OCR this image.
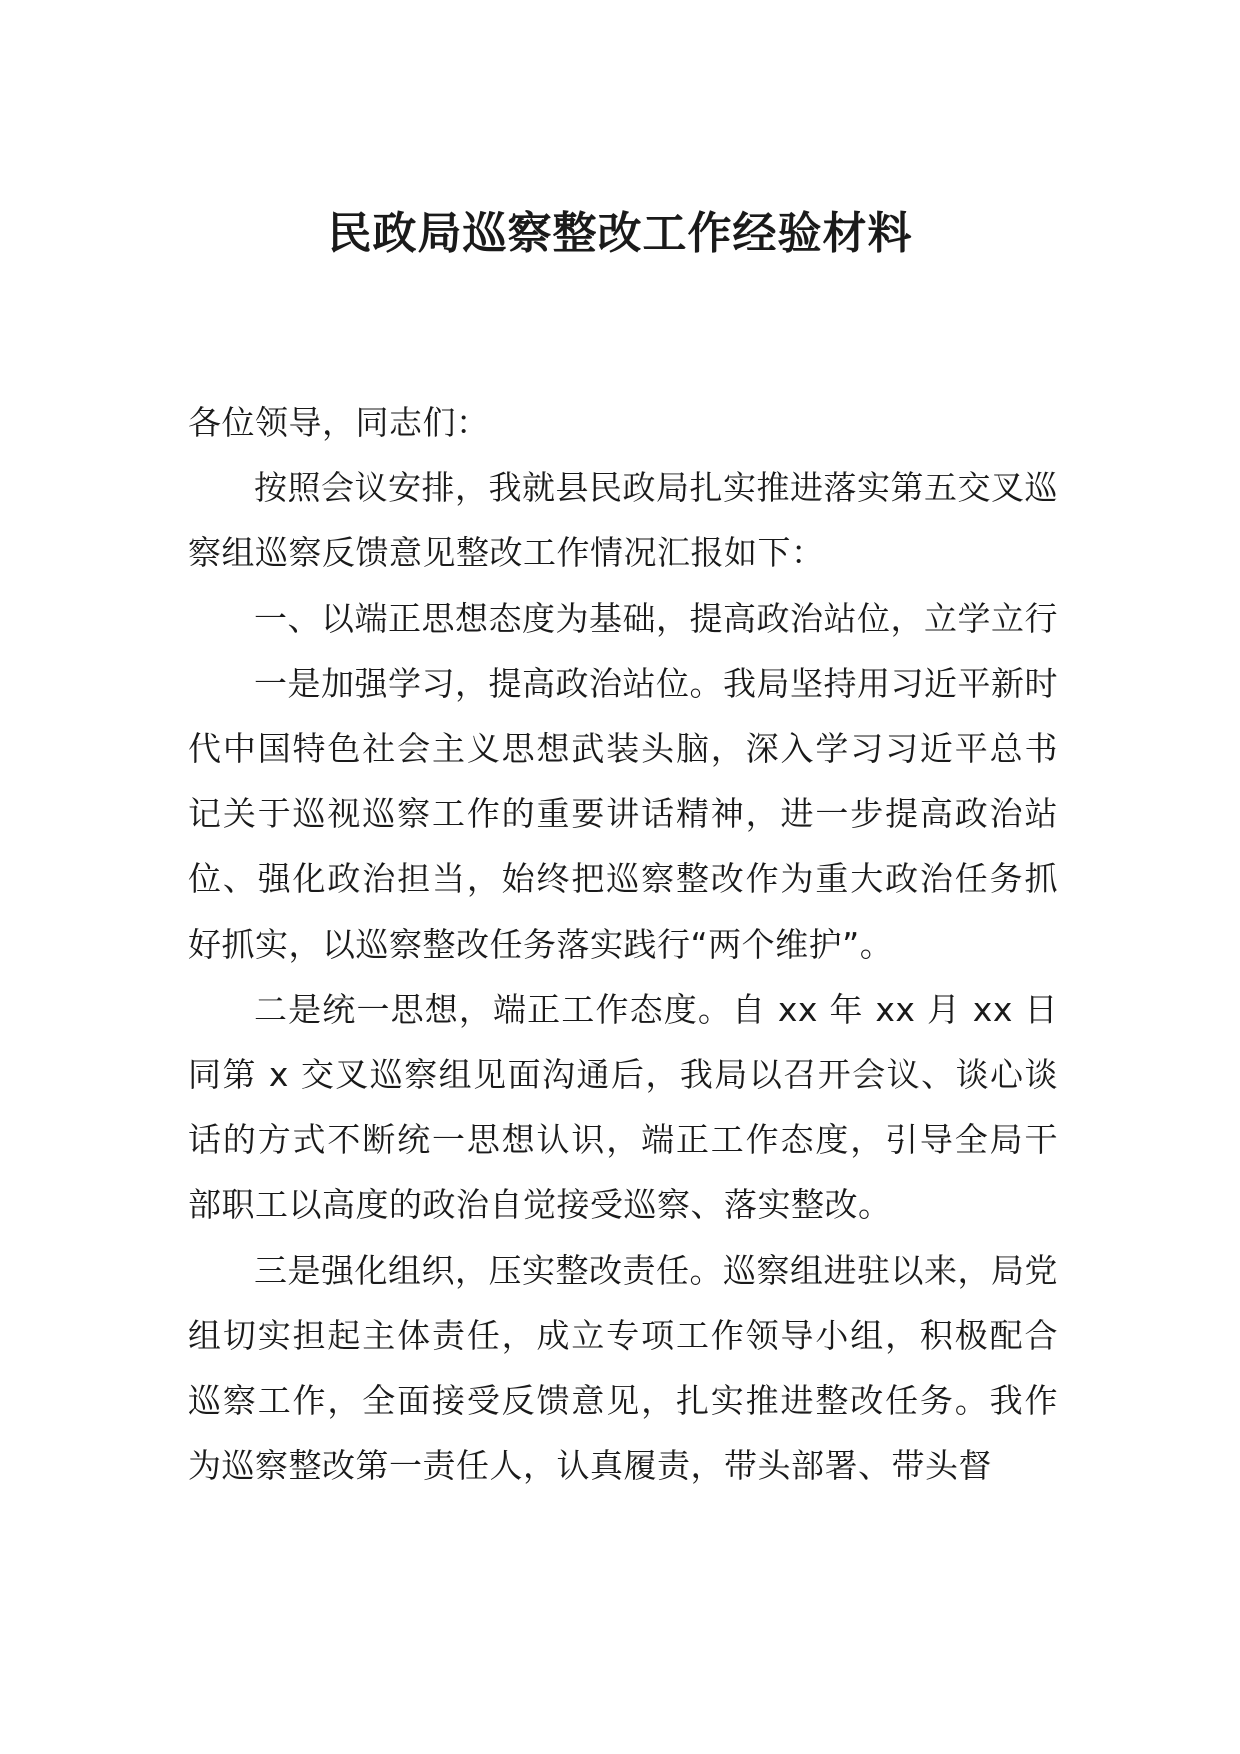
民政局巡察整改工作经验材料

各位领导，同志们：

按照会议安排，我就县民政局扎实推进落实第五交叉巡察组巡察反馈意见整改工作情况汇报如下：

一、以端正思想态度为基础，提高政治站位，立学立行

一是加强学习，提高政治站位。我局坚持用习近平新时代中国特色社会主义思想武装头脑，深入学习习近平总书记关于巡视巡察工作的重要讲话精神，进一步提高政治站位、强化政治担当，始终把巡察整改作为重大政治任务抓好抓实，以巡察整改任务落实践行“两个维护”。

二是统一思想，端正工作态度。自 xx 年 xx 月 xx 日同第 x 交叉巡察组见面沟通后，我局以召开会议、谈心谈话的方式不断统一思想认识，端正工作态度，引导全局干部职工以高度的政治自觉接受巡察、落实整改。

三是强化组织，压实整改责任。巡察组进驻以来，局党组切实担起主体责任，成立专项工作领导小组，积极配合巡察工作，全面接受反馈意见，扎实推进整改任务。我作为巡察整改第一责任人，认真履责，带头部署、带头督
